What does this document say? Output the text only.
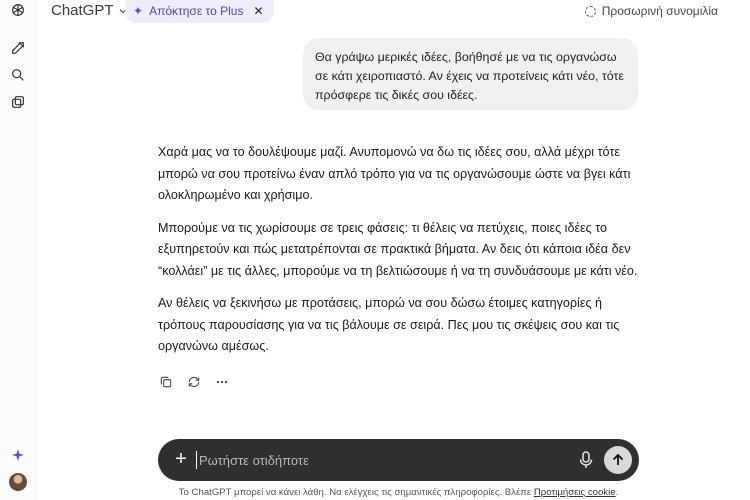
ChatGPT ✦ Απόκτησε το Plus ✕	Προσωρινή συνομιλία
Θα γράψω μερικές ιδέες, βοήθησέ με να τις οργανώσω σε κάτι χειροπιαστό. Αν έχεις να προτείνεις κάτι νέο, τότε πρόσφερε τις δικές σου ιδέες.

Χαρά μας να το δουλέψουμε μαζί. Ανυπομονώ να δω τις ιδέες σου, αλλά μέχρι τότε μπορώ να σου προτείνω έναν απλό τρόπο για να τις οργανώσουμε ώστε να βγει κάτι ολοκληρωμένο και χρήσιμο.

Μπορούμε να τις χωρίσουμε σε τρεις φάσεις: τι θέλεις να πετύχεις, ποιες ιδέες το εξυπηρετούν και πώς μετατρέπονται σε πρακτικά βήματα. Αν δεις ότι κάποια ιδέα δεν “κολλάει” με τις άλλες, μπορούμε να τη βελτιώσουμε ή να τη συνδυάσουμε με κάτι νέο.

Αν θέλεις να ξεκινήσω με προτάσεις, μπορώ να σου δώσω έτοιμες κατηγορίες ή τρόπους παρουσίασης για να τις βάλουμε σε σειρά. Πες μου τις σκέψεις σου και τις οργανώνω αμέσως.

+
Ρωτήστε οτιδήποτε
Το ChatGPT μπορεί να κάνει λάθη. Να ελέγχεις τις σημαντικές πληροφορίες. Βλέπε Προτιμήσεις cookie.
